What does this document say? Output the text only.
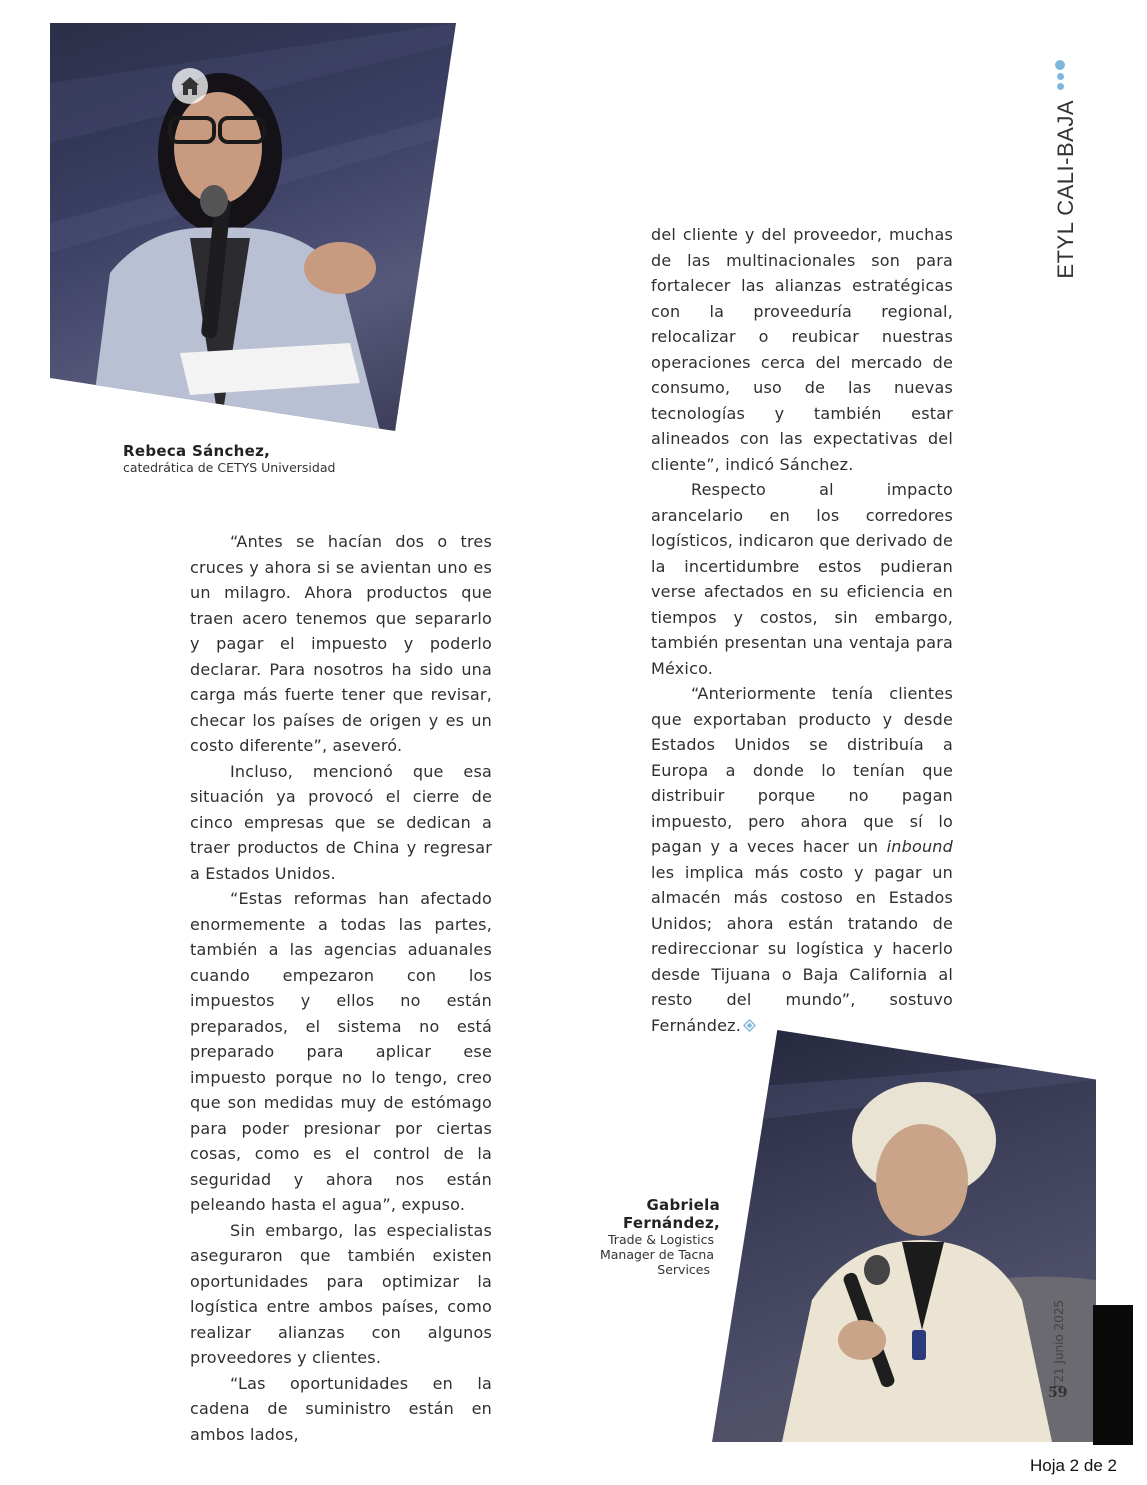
Rebeca Sánchez,
catedrática de CETYS Universidad
ETYL CALI-BAJA

“Antes se hacían dos o tres cruces y ahora si se avientan uno es un milagro. Ahora productos que traen acero tenemos que separarlo y pagar el impuesto y poderlo declarar. Para nosotros ha sido una carga más fuerte tener que revisar, checar los países de origen y es un costo diferente”, aseveró.

Incluso, mencionó que esa situación ya provocó el cierre de cinco empresas que se dedican a traer productos de China y regresar a Estados Unidos.

“Estas reformas han afectado enormemente a todas las partes, también a las agencias aduanales cuando empezaron con los impuestos y ellos no están preparados, el sistema no está preparado para aplicar ese impuesto porque no lo tengo, creo que son medidas muy de estómago para poder presionar por ciertas cosas, como es el control de la seguridad y ahora nos están peleando hasta el agua”, expuso.

Sin embargo, las especialistas aseguraron que también existen oportunidades para optimizar la logística entre ambos países, como realizar alianzas con algunos proveedores y clientes.

“Las oportunidades en la cadena de suministro están en ambos lados,

del cliente y del proveedor, muchas de las multinacionales son para fortalecer las alianzas estratégicas con la proveeduría regional, relocalizar o reubicar nuestras operaciones cerca del mercado de consumo, uso de las nuevas tecnologías y también estar alineados con las expectativas del cliente”, indicó Sánchez.

Respecto al impacto arancelario en los corredores logísticos, indicaron que derivado de la incertidumbre estos pudieran verse afectados en su eficiencia en tiempos y costos, sin embargo, también presentan una ventaja para México.

“Anteriormente tenía clientes que exportaban producto y desde Estados Unidos se distribuía a Europa a donde lo tenían que distribuir porque no pagan impuesto, pero ahora que sí lo pagan y a veces hacer un inbound les implica más costo y pagar un almacén más costoso en Estados Unidos; ahora están tratando de redireccionar su logística y hacerlo desde Tijuana o Baja California al resto del mundo”, sostuvo Fernández.

Gabriela
Fernández,
Trade & Logistics
Manager de Tacna
Services
T21 Junio 2025
59
Hoja 2 de 2
